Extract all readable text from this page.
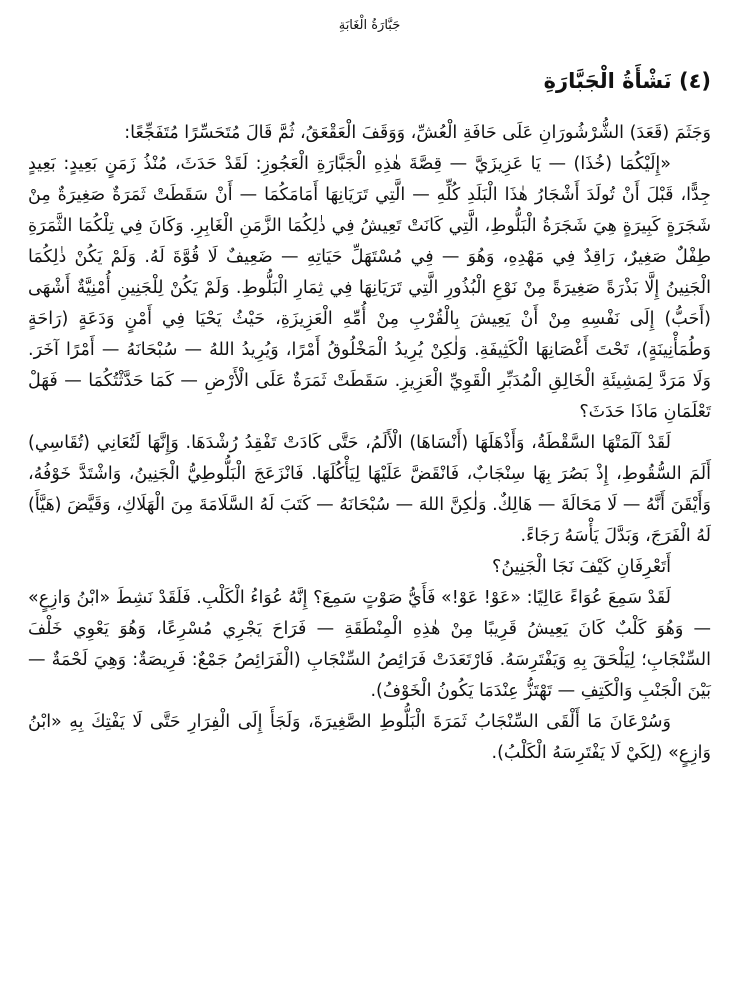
جَبَّارَةُ الْغَابَةِ
(٤) نَشْأَةُ الْجَبَّارَةِ

وَجَثَمَ (قَعَدَ) الشُّرْشُورَانِ عَلَى حَافَةِ الْعُشِّ، وَوَقَفَ الْعَقْعَقُ، ثُمَّ قَالَ مُتَحَسِّرًا مُتَفَجِّعًا:

«إِلَيْكُمَا (خُذَا) — يَا عَزِيزَيَّ — قِصَّةَ هٰذِهِ الْجَبَّارَةِ الْعَجُوزِ: لَقَدْ حَدَثَ، مُنْذُ زَمَنٍ بَعِيدٍ: بَعِيدٍ جِدًّا، قَبْلَ أَنْ تُولَدَ أَشْجَارُ هٰذَا الْبَلَدِ كُلِّهِ — الَّتِي تَرَيَانِهَا أَمَامَكُمَا — أَنْ سَقَطَتْ ثَمَرَةٌ صَغِيرَةٌ مِنْ شَجَرَةٍ كَبِيرَةٍ هِيَ شَجَرَةُ الْبَلُّوطِ، الَّتِي كَانَتْ تَعِيشُ فِي ذٰلِكُمَا الزَّمَنِ الْغَابِرِ. وَكَانَ فِي تِلْكُمَا الثَّمَرَةِ طِفْلٌ صَغِيرٌ، رَاقِدٌ فِي مَهْدِهِ، وَهُوَ — فِي مُسْتَهَلِّ حَيَاتِهِ — ضَعِيفٌ لَا قُوَّةَ لَهُ. وَلَمْ يَكُنْ ذٰلِكُمَا الْجَنِينُ إِلَّا بَذْرَةً صَغِيرَةً مِنْ نَوْعِ الْبُذُورِ الَّتِي تَرَيَانِهَا فِي ثِمَارِ الْبَلُّوطِ. وَلَمْ يَكُنْ لِلْجَنِينِ أُمْنِيَّةٌ أَشْهَى (أَحَبُّ) إِلَى نَفْسِهِ مِنْ أَنْ يَعِيشَ بِالْقُرْبِ مِنْ أُمِّهِ الْعَزِيزَةِ، حَيْثُ يَحْيَا فِي أَمْنٍ وَدَعَةٍ (رَاحَةٍ وَطُمَأْنِينَةٍ)، تَحْتَ أَغْصَانِهَا الْكَثِيفَةِ. وَلٰكِنْ يُرِيدُ الْمَخْلُوقُ أَمْرًا، وَيُرِيدُ اللهُ — سُبْحَانَهُ — أَمْرًا آخَرَ. وَلَا مَرَدَّ لِمَشِيئَةِ الْخَالِقِ الْمُدَبِّرِ الْقَوِيِّ الْعَزِيزِ. سَقَطَتْ ثَمَرَةٌ عَلَى الْأَرْضِ — كَمَا حَدَّثْتُكُمَا — فَهَلْ تَعْلَمَانِ مَاذَا حَدَثَ؟

لَقَدْ آلَمَتْهَا السَّقْطَةُ، وَأَذْهَلَهَا (أَنْسَاهَا) الْأَلَمُ، حَتَّى كَادَتْ تَفْقِدُ رُشْدَهَا. وَإِنَّهَا لَتُعَانِي (تُقَاسِي) أَلَمَ السُّقُوطِ، إِذْ بَصُرَ بِهَا سِنْجَابٌ، فَانْقَضَّ عَلَيْهَا لِيَأْكُلَهَا. فَانْزَعَجَ الْبَلُّوطِيُّ الْجَنِينُ، وَاشْتَدَّ خَوْفُهُ، وَأَيْقَنَ أَنَّهُ — لَا مَحَالَةَ — هَالِكٌ. وَلٰكِنَّ اللهَ — سُبْحَانَهُ — كَتَبَ لَهُ السَّلَامَةَ مِنَ الْهَلَاكِ، وَقَيَّضَ (هَيَّأَ) لَهُ الْفَرَجَ، وَبَدَّلَ يَأْسَهُ رَجَاءً.

أَتَعْرِفَانِ كَيْفَ نَجَا الْجَنِينُ؟

لَقَدْ سَمِعَ عُوَاءً عَالِيًا: «عَوْ! عَوْ!» فَأَيُّ صَوْتٍ سَمِعَ؟ إِنَّهُ عُوَاءُ الْكَلْبِ. فَلَقَدْ نَشِطَ «ابْنُ وَازِعٍ» — وَهُوَ كَلْبٌ كَانَ يَعِيشُ قَرِيبًا مِنْ هٰذِهِ الْمِنْطَقَةِ — فَرَاحَ يَجْرِي مُسْرِعًا، وَهُوَ يَعْوِي خَلْفَ السِّنْجَابِ؛ لِيَلْحَقَ بِهِ وَيَفْتَرِسَهُ. فَارْتَعَدَتْ فَرَائِصُ السِّنْجَابِ (الْفَرَائِصُ جَمْعٌ: فَرِيصَةٌ: وَهِيَ لَحْمَةٌ — بَيْنَ الْجَنْبِ وَالْكَتِفِ — تَهْتَزُّ عِنْدَمَا يَكُونُ الْخَوْفُ).

وَسُرْعَانَ مَا أَلْقَى السِّنْجَابُ ثَمَرَةَ الْبَلُّوطِ الصَّغِيرَةَ، وَلَجَأَ إِلَى الْفِرَارِ حَتَّى لَا يَفْتِكَ بِهِ «ابْنُ وَازِعٍ» (لِكَيْ لَا يَفْتَرِسَهُ الْكَلْبُ).
